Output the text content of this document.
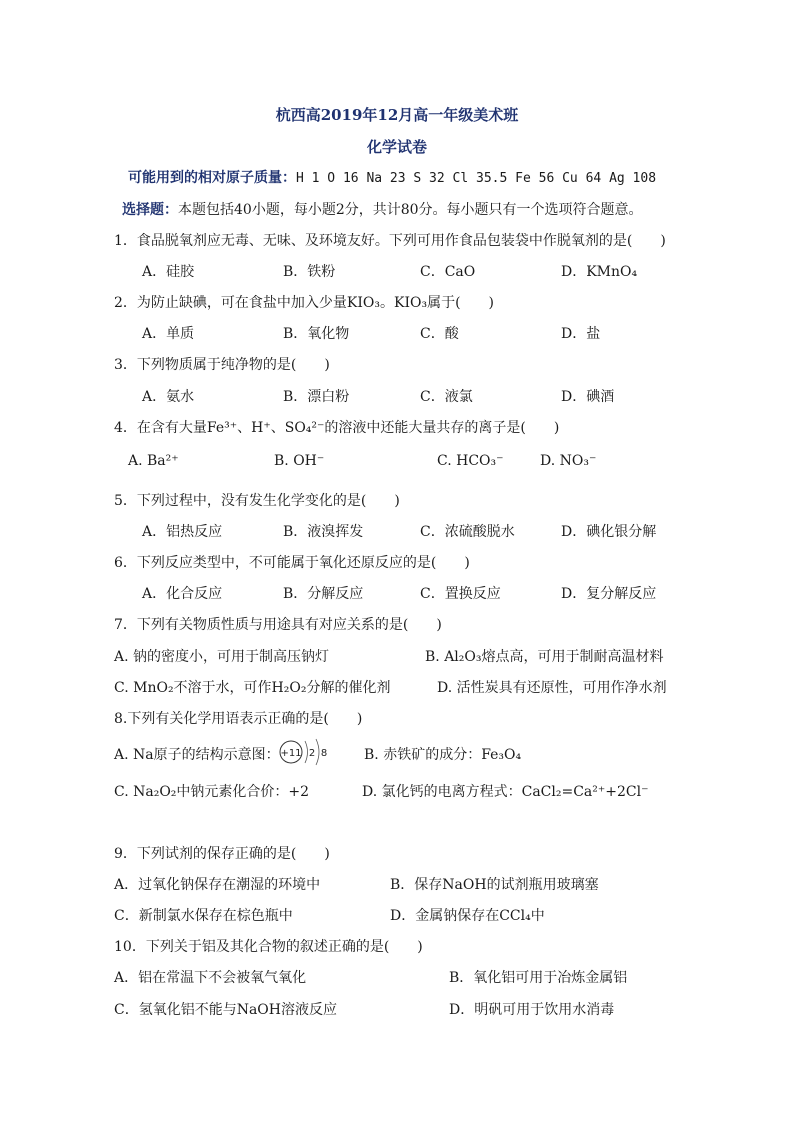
杭西高2019年12月高一年级美术班
化学试卷
可能用到的相对原子质量：H 1 O 16 Na 23 S 32 Cl 35.5 Fe 56 Cu 64 Ag 108
选择题：本题包括40小题，每小题2分，共计80分。每小题只有一个选项符合题意。
1．食品脱氧剂应无毒、无味、及环境友好。下列可用作食品包装袋中作脱氧剂的是(　　)
A．硅胶	B．铁粉	C．CaO	D．KMnO₄
2．为防止缺碘，可在食盐中加入少量KIO₃。KIO₃属于(　　)
A．单质	B．氧化物	C．酸	D．盐
3．下列物质属于纯净物的是(　　)
A．氨水	B．漂白粉	C．液氯	D．碘酒
4．在含有大量Fe³⁺、H⁺、SO₄²⁻的溶液中还能大量共存的离子是(　　)
A. Ba²⁺	B. OH⁻	C. HCO₃⁻	D. NO₃⁻
5．下列过程中，没有发生化学变化的是(　　)
A．铝热反应	B．液溴挥发	C．浓硫酸脱水	D．碘化银分解
6．下列反应类型中，不可能属于氧化还原反应的是(　　)
A．化合反应	B．分解反应	C．置换反应	D．复分解反应
7．下列有关物质性质与用途具有对应关系的是(　　)
A. 钠的密度小，可用于制高压钠灯	B. Al₂O₃熔点高，可用于制耐高温材料
C. MnO₂不溶于水，可作H₂O₂分解的催化剂	D. 活性炭具有还原性，可用作净水剂
8.下列有关化学用语表示正确的是(　　)
A. Na原子的结构示意图： +11 2 8	B. 赤铁矿的成分：Fe₃O₄
C. Na₂O₂中钠元素化合价：+2	D. 氯化钙的电离方程式：CaCl₂=Ca²⁺+2Cl⁻
9．下列试剂的保存正确的是(　　)
A．过氧化钠保存在潮湿的环境中	B．保存NaOH的试剂瓶用玻璃塞
C．新制氯水保存在棕色瓶中	D．金属钠保存在CCl₄中
10．下列关于铝及其化合物的叙述正确的是(　　)
A．铝在常温下不会被氧气氧化	B．氧化铝可用于冶炼金属铝
C．氢氧化铝不能与NaOH溶液反应	D．明矾可用于饮用水消毒
